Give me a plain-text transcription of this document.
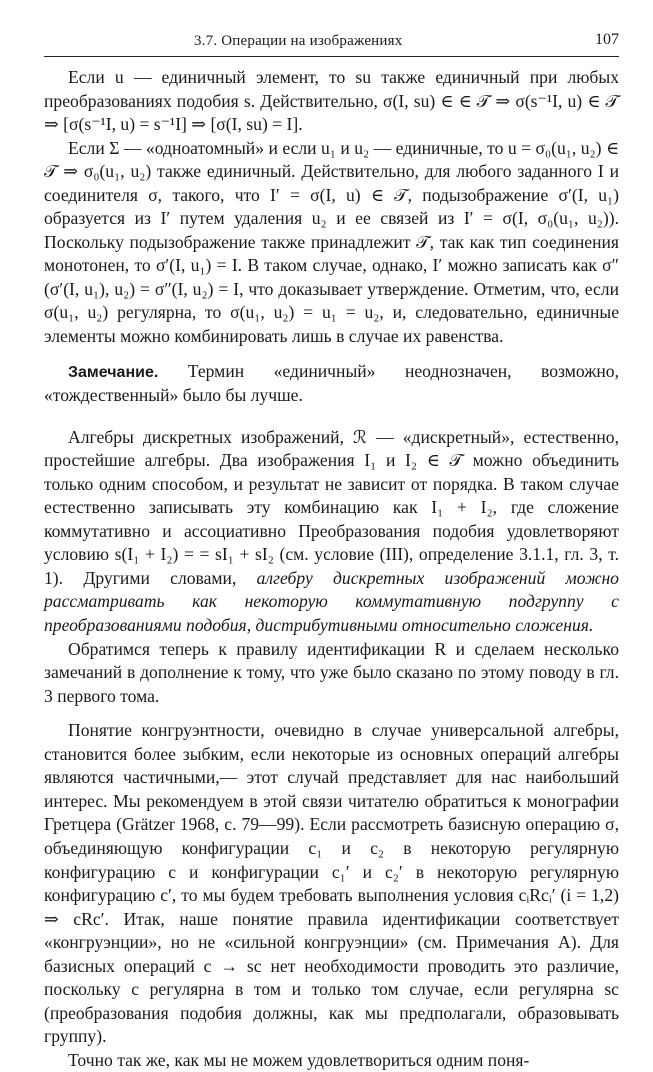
3.7. Операции на изображениях	107

Если u — единичный элемент, то su также единичный при любых преобразованиях подобия s. Действительно, σ(I, su) ∈ ∈ 𝒯 ⇒ σ(s⁻¹I, u) ∈ 𝒯 ⇒ [σ(s⁻¹I, u) = s⁻¹I] ⇒ [σ(I, su) = I].

Если Σ — «одноатомный» и если u₁ и u₂ — единичные, то u = σ₀(u₁, u₂) ∈ 𝒯 ⇒ σ₀(u₁, u₂) также единичный. Действительно, для любого заданного I и соединителя σ, такого, что I′ = σ(I, u) ∈ 𝒯, подызображение σ′(I, u₁) образуется из I′ путем удаления u₂ и ее связей из I′ = σ(I, σ₀(u₁, u₂)). Поскольку подызображение также принадлежит 𝒯, так как тип соединения монотонен, то σ′(I, u₁) = I. В таком случае, однако, I′ можно записать как σ″(σ′(I, u₁), u₂) = σ″(I, u₂) = I, что доказывает утверждение. Отметим, что, если σ(u₁, u₂) регулярна, то σ(u₁, u₂) = u₁ = u₂, и, следовательно, единичные элементы можно комбинировать лишь в случае их равенства.

Замечание. Термин «единичный» неоднозначен, возможно, «тождественный» было бы лучше.

Алгебры дискретных изображений, ℛ — «дискретный», естественно, простейшие алгебры. Два изображения I₁ и I₂ ∈ 𝒯 можно объединить только одним способом, и результат не зависит от порядка. В таком случае естественно записывать эту комбинацию как I₁ + I₂, где сложение коммутативно и ассоциативно Преобразования подобия удовлетворяют условию s(I₁ + I₂) = = sI₁ + sI₂ (см. условие (III), определение 3.1.1, гл. 3, т. 1). Другими словами, алгебру дискретных изображений можно рассматривать как некоторую коммутативную подгруппу с преобразованиями подобия, дистрибутивными относительно сложения.

Обратимся теперь к правилу идентификации R и сделаем несколько замечаний в дополнение к тому, что уже было сказано по этому поводу в гл. 3 первого тома.

Понятие конгруэнтности, очевидно в случае универсальной алгебры, становится более зыбким, если некоторые из основных операций алгебры являются частичными,— этот случай представляет для нас наибольший интерес. Мы рекомендуем в этой связи читателю обратиться к монографии Гретцера (Grätzer 1968, с. 79—99). Если рассмотреть базисную операцию σ, объединяющую конфигурации c₁ и c₂ в некоторую регулярную конфигурацию c и конфигурации c₁′ и c₂′ в некоторую регулярную конфигурацию c′, то мы будем требовать выполнения условия cᵢRcᵢ′ (i = 1,2) ⇒ cRc′. Итак, наше понятие правила идентификации соответствует «конгруэнции», но не «сильной конгруэнции» (см. Примечания А). Для базисных операций c → sc нет необходимости проводить это различие, поскольку c регулярна в том и только том случае, если регулярна sc (преобразования подобия должны, как мы предполагали, образовывать группу).

Точно так же, как мы не можем удовлетвориться одним поня-
